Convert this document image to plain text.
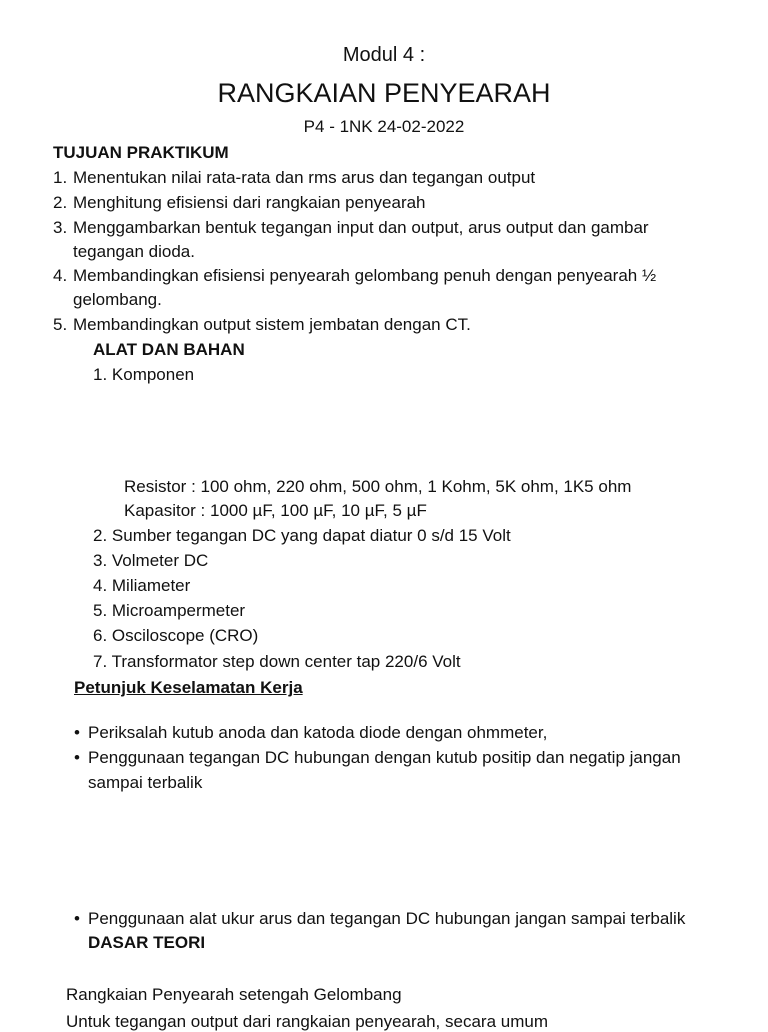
Modul 4 :
RANGKAIAN PENYEARAH
P4 - 1NK 24-02-2022
TUJUAN PRAKTIKUM
1. Menentukan nilai rata-rata dan rms arus dan tegangan output
2. Menghitung efisiensi dari rangkaian penyearah
3. Menggambarkan bentuk tegangan input dan output, arus output dan gambar
tegangan dioda.
4. Membandingkan efisiensi penyearah gelombang penuh dengan penyearah ½
gelombang.
5. Membandingkan output sistem jembatan dengan CT.
ALAT DAN BAHAN
1. Komponen
Resistor : 100 ohm, 220 ohm, 500 ohm, 1 Kohm, 5K ohm, 1K5 ohm
Kapasitor : 1000 µF, 100 µF, 10 µF, 5 µF
2. Sumber tegangan DC yang dapat diatur 0 s/d 15 Volt
3. Volmeter DC
4. Miliameter
5. Microampermeter
6. Osciloscope (CRO)
7. Transformator step down center tap 220/6 Volt
Petunjuk Keselamatan Kerja
• Periksalah kutub anoda dan katoda diode dengan ohmmeter,
• Penggunaan tegangan DC hubungan dengan kutub positip dan negatip jangan
sampai terbalik
• Penggunaan alat ukur arus dan tegangan DC hubungan jangan sampai terbalik
DASAR TEORI
Rangkaian Penyearah setengah Gelombang
Untuk tegangan output dari rangkaian penyearah, secara umum
